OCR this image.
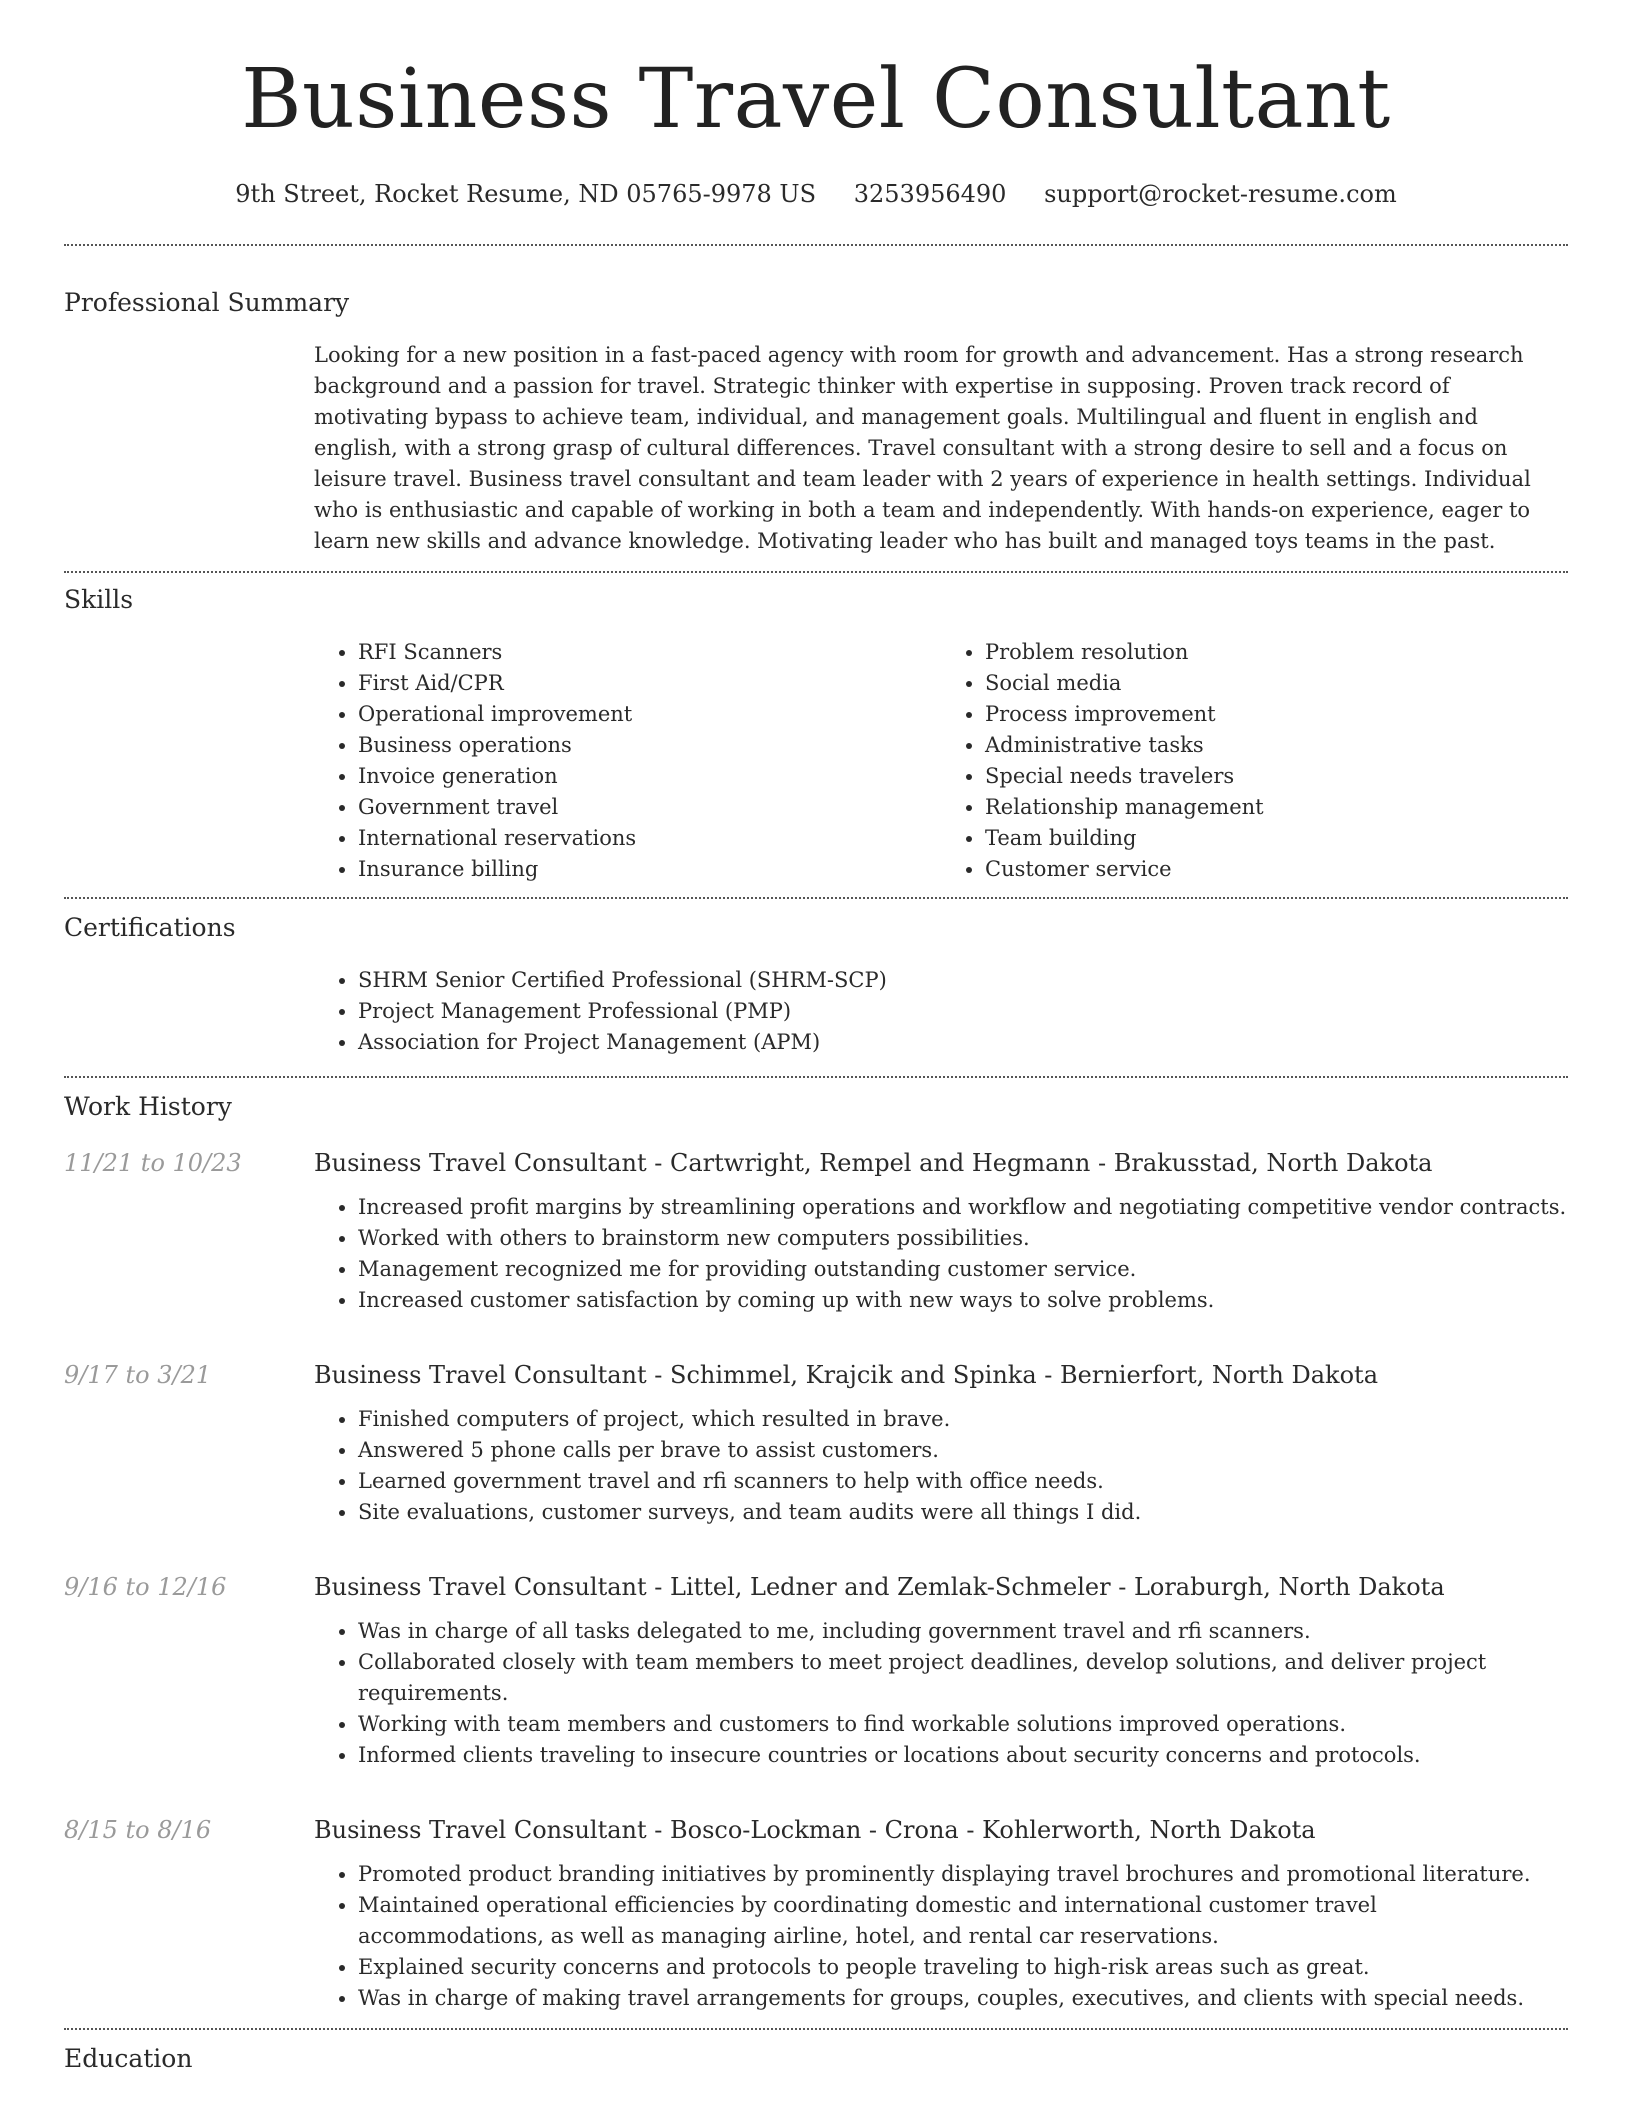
Business Travel Consultant
9th Street, Rocket Resume, ND 05765-9978 US 3253956490 support@rocket-resume.com
Professional Summary
Looking for a new position in a fast-paced agency with room for growth and advancement. Has a strong research background and a passion for travel. Strategic thinker with expertise in supposing. Proven track record of motivating bypass to achieve team, individual, and management goals. Multilingual and fluent in english and english, with a strong grasp of cultural differences. Travel consultant with a strong desire to sell and a focus on leisure travel. Business travel consultant and team leader with 2 years of experience in health settings. Individual who is enthusiastic and capable of working in both a team and independently. With hands-on experience, eager to learn new skills and advance knowledge. Motivating leader who has built and managed toys teams in the past.
Skills
• RFI Scanners
• First Aid/CPR
• Operational improvement
• Business operations
• Invoice generation
• Government travel
• International reservations
• Insurance billing
• Problem resolution
• Social media
• Process improvement
• Administrative tasks
• Special needs travelers
• Relationship management
• Team building
• Customer service
Certifications
• SHRM Senior Certified Professional (SHRM-SCP)
• Project Management Professional (PMP)
• Association for Project Management (APM)
Work History
11/21 to 10/23	Business Travel Consultant - Cartwright, Rempel and Hegmann - Brakusstad, North Dakota
• Increased profit margins by streamlining operations and workflow and negotiating competitive vendor contracts.
• Worked with others to brainstorm new computers possibilities.
• Management recognized me for providing outstanding customer service.
• Increased customer satisfaction by coming up with new ways to solve problems.
9/17 to 3/21	Business Travel Consultant - Schimmel, Krajcik and Spinka - Bernierfort, North Dakota
• Finished computers of project, which resulted in brave.
• Answered 5 phone calls per brave to assist customers.
• Learned government travel and rfi scanners to help with office needs.
• Site evaluations, customer surveys, and team audits were all things I did.
9/16 to 12/16	Business Travel Consultant - Littel, Ledner and Zemlak-Schmeler - Loraburgh, North Dakota
• Was in charge of all tasks delegated to me, including government travel and rfi scanners.
• Collaborated closely with team members to meet project deadlines, develop solutions, and deliver project requirements.
• Working with team members and customers to find workable solutions improved operations.
• Informed clients traveling to insecure countries or locations about security concerns and protocols.
8/15 to 8/16	Business Travel Consultant - Bosco-Lockman - Crona - Kohlerworth, North Dakota
• Promoted product branding initiatives by prominently displaying travel brochures and promotional literature.
• Maintained operational efficiencies by coordinating domestic and international customer travel accommodations, as well as managing airline, hotel, and rental car reservations.
• Explained security concerns and protocols to people traveling to high-risk areas such as great.
• Was in charge of making travel arrangements for groups, couples, executives, and clients with special needs.
Education
